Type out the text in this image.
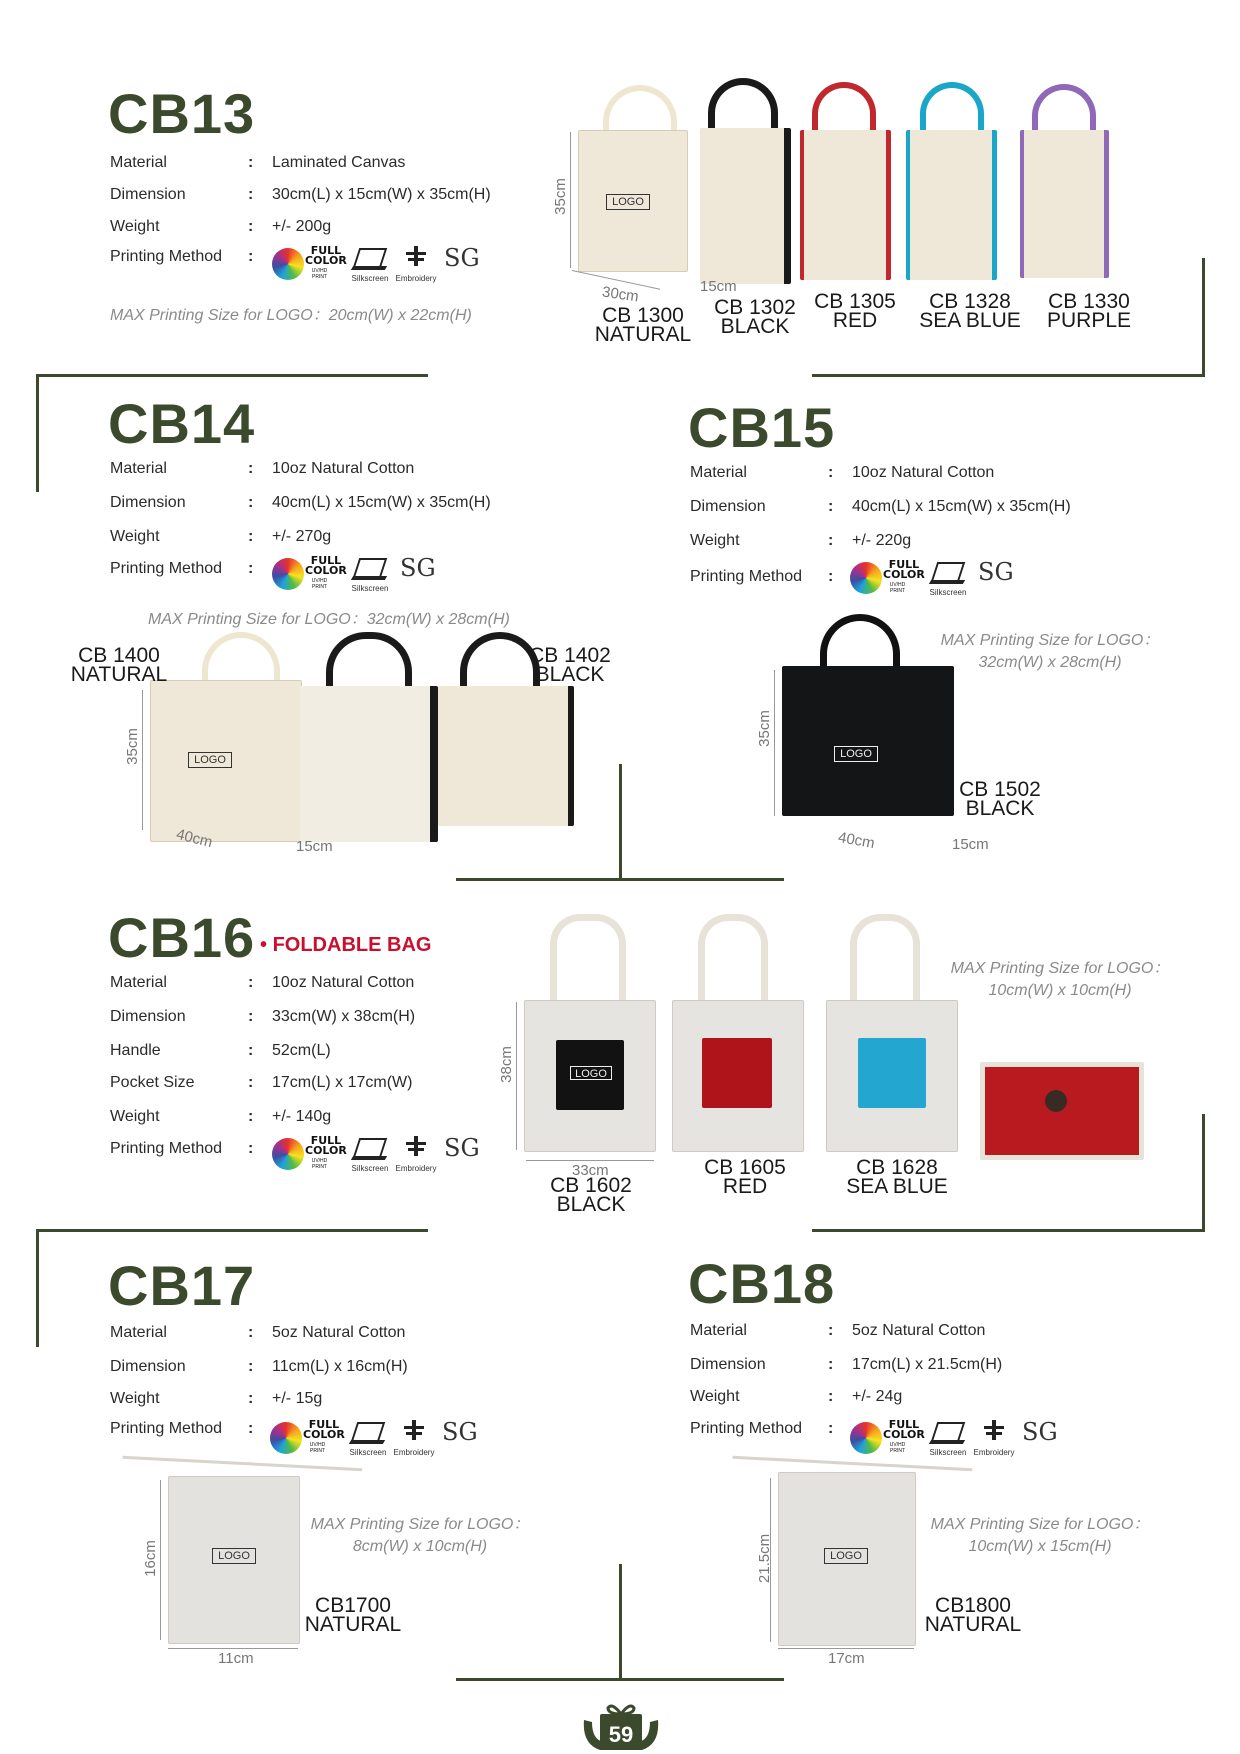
CB13
Material	: Laminated Canvas
Dimension	: 30cm(L) x 15cm(W) x 35cm(H)
Weight	: +/- 200g
Printing Method :	FULL
COLOR
UV/HD PRINT	Silkscreen Embroidery
SG
MAX Printing Size for LOGO：20cm(W) x 22cm(H)
LOGO
35cm
30cm	15cm
CB 1300
NATURAL
CB 1302
BLACK
CB 1305
RED
CB 1328
SEA BLUE
CB 1330
PURPLE
CB14
Material	: 10oz Natural Cotton
Dimension	: 40cm(L) x 15cm(W) x 35cm(H)
Weight	: +/- 270g
Printing Method :	FULL
COLOR
UV/HD PRINT	Silkscreen
SG
MAX Printing Size for LOGO：32cm(W) x 28cm(H)
LOGO
35cm
40cm	15cm
CB 1400
NATURAL
CB 1402
BLACK
CB15
Material	: 10oz Natural Cotton
Dimension	: 40cm(L) x 15cm(W) x 35cm(H)
Weight	: +/- 220g
Printing Method :
FULL
COLOR
UV/HD PRINT	Silkscreen
SG
MAX Printing Size for LOGO：
32cm(W) x 28cm(H)
LOGO
35cm
40cm	15cm
CB 1502
BLACK
CB16 • FOLDABLE BAG
Material	: 10oz Natural Cotton
Dimension	: 33cm(W) x 38cm(H)
Handle	: 52cm(L)
Pocket Size	: 17cm(L) x 17cm(W)
Weight	: +/- 140g
Printing Method :	FULL
COLOR
UV/HD PRINT	Silkscreen Embroidery
SG
MAX Printing Size for LOGO：
10cm(W) x 10cm(H)
LOGO
38cm
33cm
CB 1602
BLACK
CB 1605
RED
CB 1628
SEA BLUE
CB17
Material	: 5oz Natural Cotton
Dimension	: 11cm(L) x 16cm(H)
Weight	: +/- 15g
Printing Method :	FULL
COLOR
UV/HD PRINT	Silkscreen Embroidery
SG
MAX Printing Size for LOGO：
8cm(W) x 10cm(H)
LOGO
16cm
11cm
CB1700
NATURAL
CB18
Material	: 5oz Natural Cotton
Dimension	: 17cm(L) x 21.5cm(H)
Weight	: +/- 24g
Printing Method :	FULL
COLOR
UV/HD PRINT	Silkscreen Embroidery
SG
MAX Printing Size for LOGO：
10cm(W) x 15cm(H)
LOGO
21.5cm
17cm
CB1800
NATURAL
59
